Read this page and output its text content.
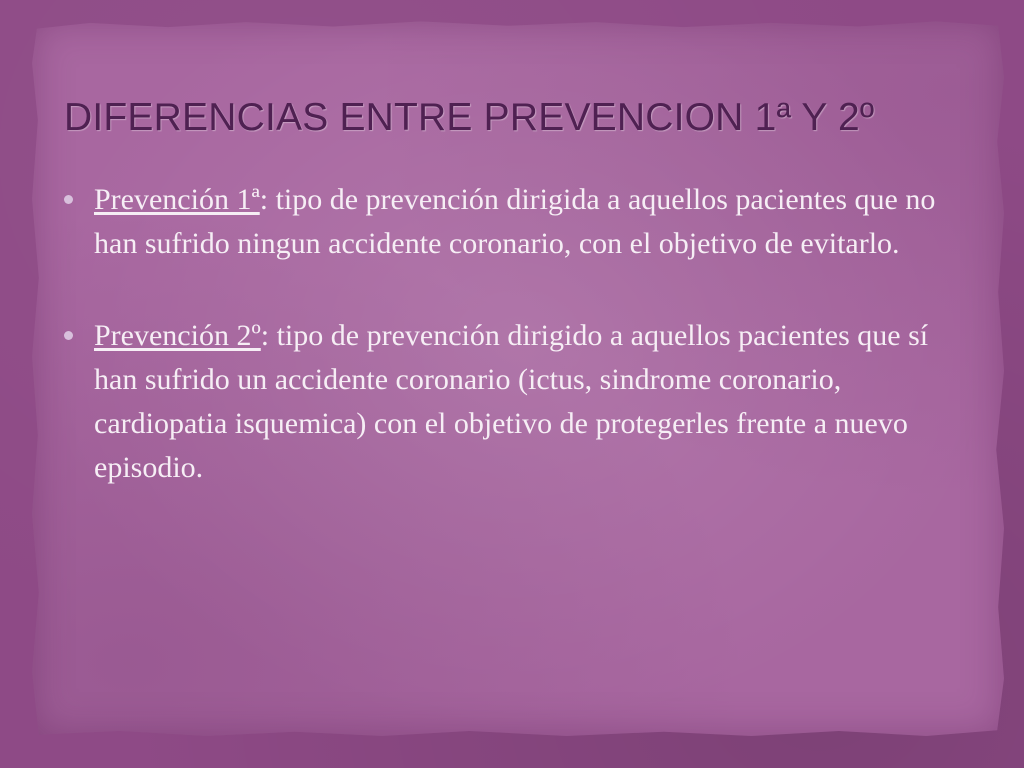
DIFERENCIAS ENTRE PREVENCION 1ª Y 2º
Prevención 1ª: tipo de prevención dirigida a aquellos pacientes que no han sufrido ningun accidente coronario, con el objetivo de evitarlo.
Prevención 2º: tipo de prevención dirigido a aquellos pacientes que sí han sufrido un accidente coronario (ictus, sindrome coronario, cardiopatia isquemica) con el objetivo de protegerles frente a nuevo episodio.
